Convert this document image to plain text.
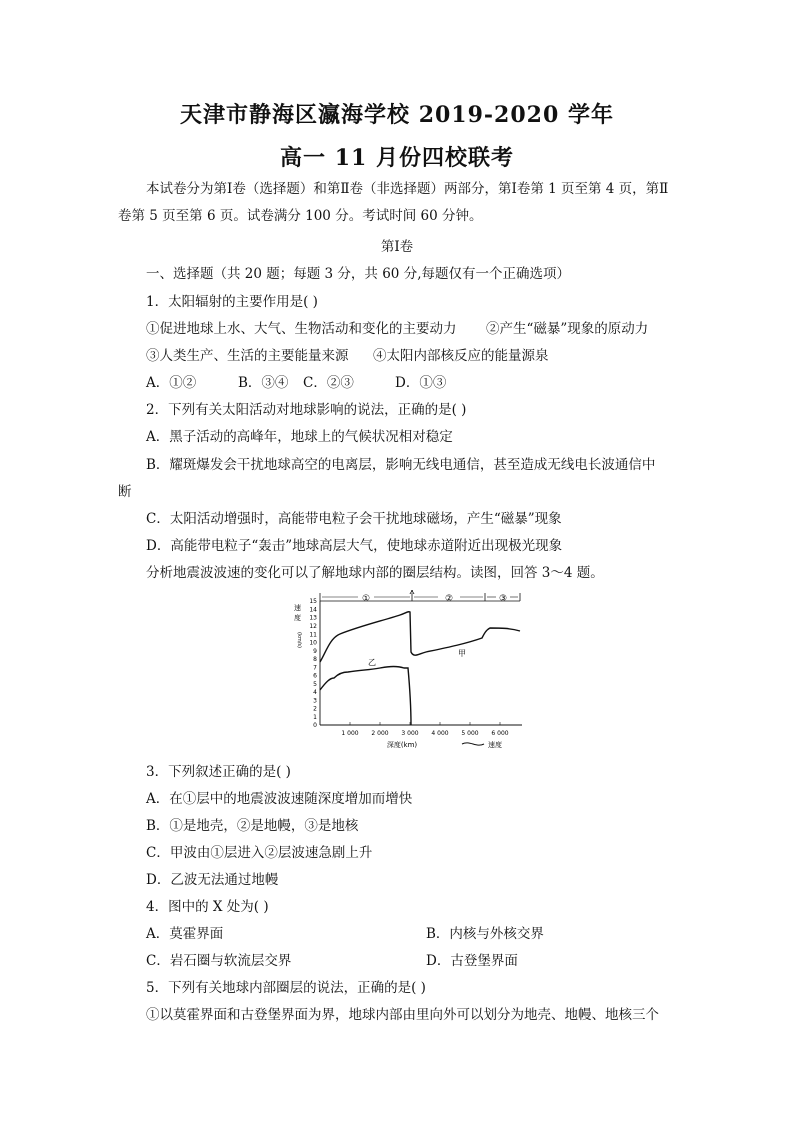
天津市静海区瀛海学校 2019-2020 学年
高一 11 月份四校联考
本试卷分为第Ⅰ卷（选择题）和第Ⅱ卷（非选择题）两部分，第Ⅰ卷第 1 页至第 4 页，第Ⅱ卷第 5 页至第 6 页。试卷满分 100 分。考试时间 60 分钟。
第Ⅰ卷
一、选择题（共 20 题；每题 3 分，共 60 分,每题仅有一个正确选项）
1．太阳辐射的主要作用是( )
①促进地球上水、大气、生物活动和变化的主要动力 ②产生“磁暴”现象的原动力
③人类生产、生活的主要能量来源 ④太阳内部核反应的能量源泉
A．①②	B．③④ C．②③	D．①③
2．下列有关太阳活动对地球影响的说法，正确的是( )
A．黑子活动的高峰年，地球上的气候状况相对稳定
B．耀斑爆发会干扰地球高空的电离层，影响无线电通信，甚至造成无线电长波通信中
断
C．太阳活动增强时，高能带电粒子会干扰地球磁场，产生“磁暴”现象
D．高能带电粒子“轰击”地球高层大气，使地球赤道附近出现极光现象
分析地震波波速的变化可以了解地球内部的圈层结构。读图，回答 3～4 题。
①
X
②	③
速
度
(km/s)
0
1
2
3
4
5
6
7
8
9
10
11
12
13
14
15
1 000 2 000 3 000 4 000 5 000 6 000
甲
乙
深度(km)	速度
3．下列叙述正确的是( )
A．在①层中的地震波波速随深度增加而增快
B．①是地壳，②是地幔，③是地核
C．甲波由①层进入②层波速急剧上升
D．乙波无法通过地幔
4．图中的 X 处为( )
A．莫霍界面	B．内核与外核交界
C．岩石圈与软流层交界	D．古登堡界面
5．下列有关地球内部圈层的说法，正确的是( )
①以莫霍界面和古登堡界面为界，地球内部由里向外可以划分为地壳、地幔、地核三个
